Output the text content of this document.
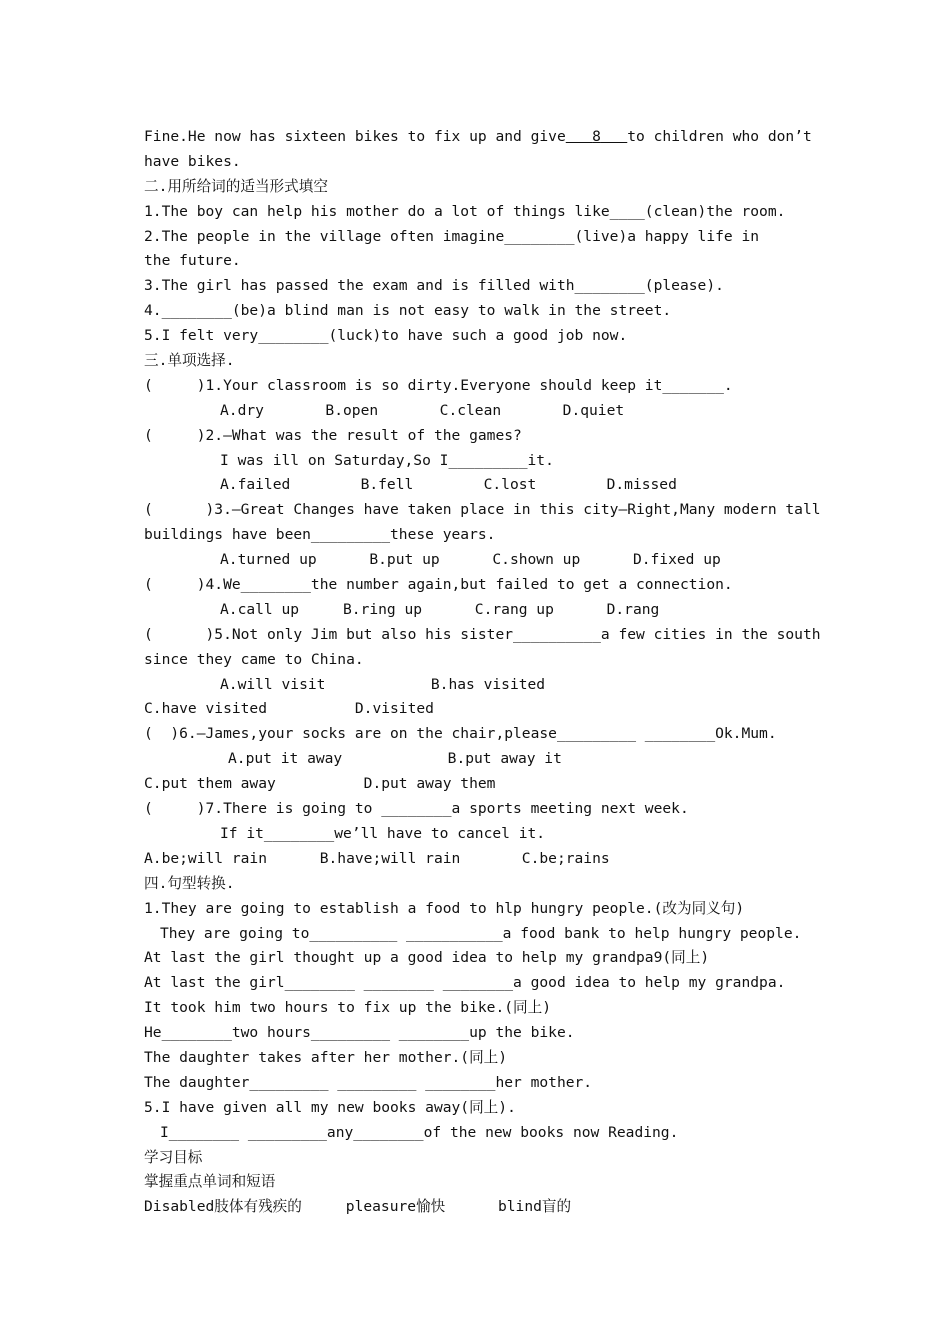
Fine.He now has sixteen bikes to fix up and give 8 to children who don’t
have bikes.
二.用所给词的适当形式填空
1.The boy can help his mother do a lot of things like____(clean)the room.
2.The people in the village often imagine________(live)a happy life in
the future.
3.The girl has passed the exam and is filled with________(please).
4.________(be)a blind man is not easy to walk in the street.
5.I felt very________(luck)to have such a good job now.
三.单项选择.
(     )1.Your classroom is so dirty.Everyone should keep it_______.
A.dry       B.open       C.clean       D.quiet
(     )2.—What was the result of the games?
I was ill on Saturday,So I_________it.
A.failed        B.fell        C.lost        D.missed
(      )3.—Great Changes have taken place in this city—Right,Many modern tall
buildings have been_________these years.
A.turned up      B.put up      C.shown up      D.fixed up
(     )4.We________the number again,but failed to get a connection.
A.call up     B.ring up      C.rang up      D.rang
(      )5.Not only Jim but also his sister__________a few cities in the south
since they came to China.
A.will visit            B.has visited
C.have visited          D.visited
(  )6.—James,your socks are on the chair,please_________ ________Ok.Mum.
A.put it away            B.put away it
C.put them away          D.put away them
(     )7.There is going to ________a sports meeting next week.
If it________we’ll have to cancel it.
A.be;will rain      B.have;will rain       C.be;rains
四.句型转换.
1.They are going to establish a food to hlp hungry people.(改为同义句)
They are going to__________ ___________a food bank to help hungry people.
At last the girl thought up a good idea to help my grandpa9(同上)
At last the girl________ ________ ________a good idea to help my grandpa.
It took him two hours to fix up the bike.(同上)
He________two hours_________ ________up the bike.
The daughter takes after her mother.(同上)
The daughter_________ _________ ________her mother.
5.I have given all my new books away(同上).
I________ _________any________of the new books now Reading.
学习目标
掌握重点单词和短语
Disabled肢体有残疾的     pleasure愉快      blind盲的
